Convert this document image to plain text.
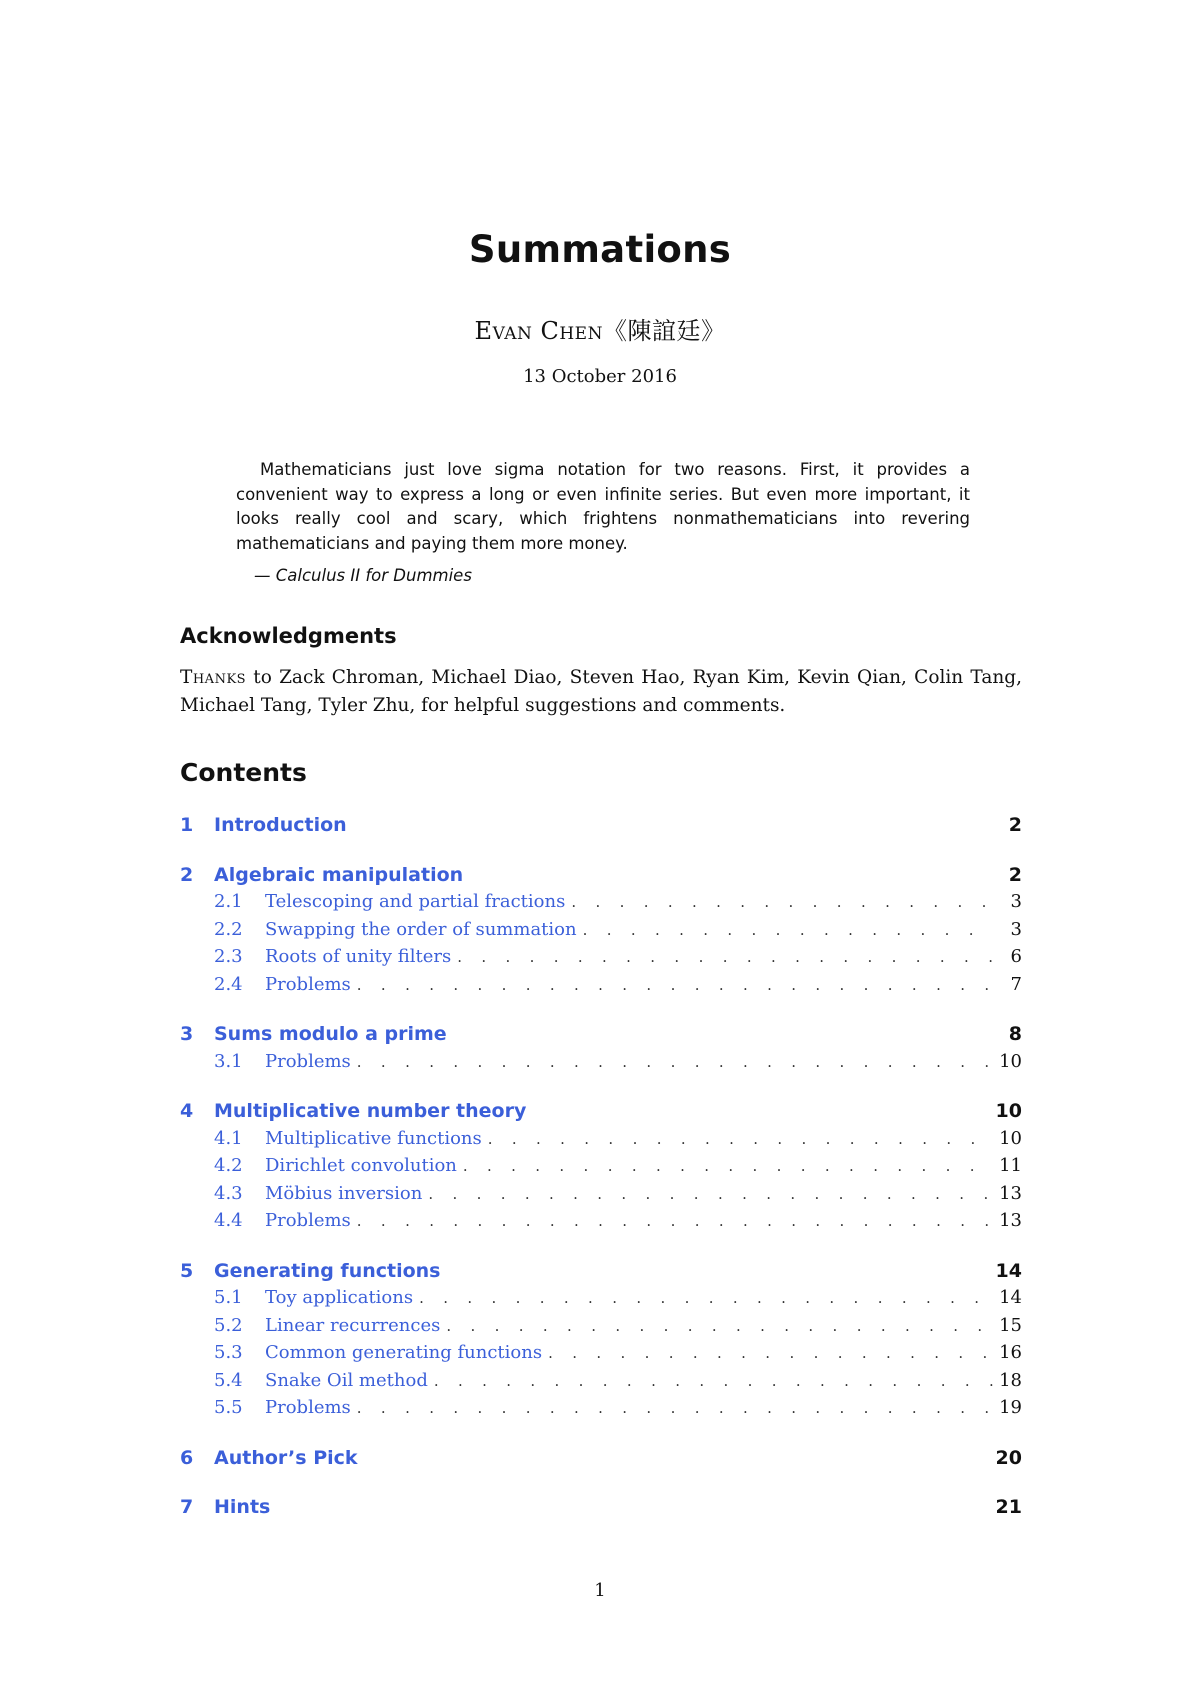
Summations
Evan Chen《陳誼廷》
13 October 2016
Mathematicians just love sigma notation for two reasons. First, it provides a convenient way to express a long or even infinite series. But even more important, it looks really cool and scary, which frightens nonmathematicians into revering mathematicians and paying them more money.
— Calculus II for Dummies
Acknowledgments
Thanks to Zack Chroman, Michael Diao, Steven Hao, Ryan Kim, Kevin Qian, Colin Tang, Michael Tang, Tyler Zhu, for helpful suggestions and comments.
Contents
1	Introduction	2
2	Algebraic manipulation	2
2.1	Telescoping and partial fractions . . .	3
2.2	Swapping the order of summation . . .	3
2.3	Roots of unity filters . . .	6
2.4	Problems . . .	7
3	Sums modulo a prime	8
3.1	Problems . . .	10
4	Multiplicative number theory	10
4.1	Multiplicative functions . . .	10
4.2	Dirichlet convolution . . .	11
4.3	Möbius inversion . . .	13
4.4	Problems . . .	13
5	Generating functions	14
5.1	Toy applications . . .	14
5.2	Linear recurrences . . .	15
5.3	Common generating functions . . .	16
5.4	Snake Oil method . . .	18
5.5	Problems . . .	19
6	Author’s Pick	20
7	Hints	21
1
